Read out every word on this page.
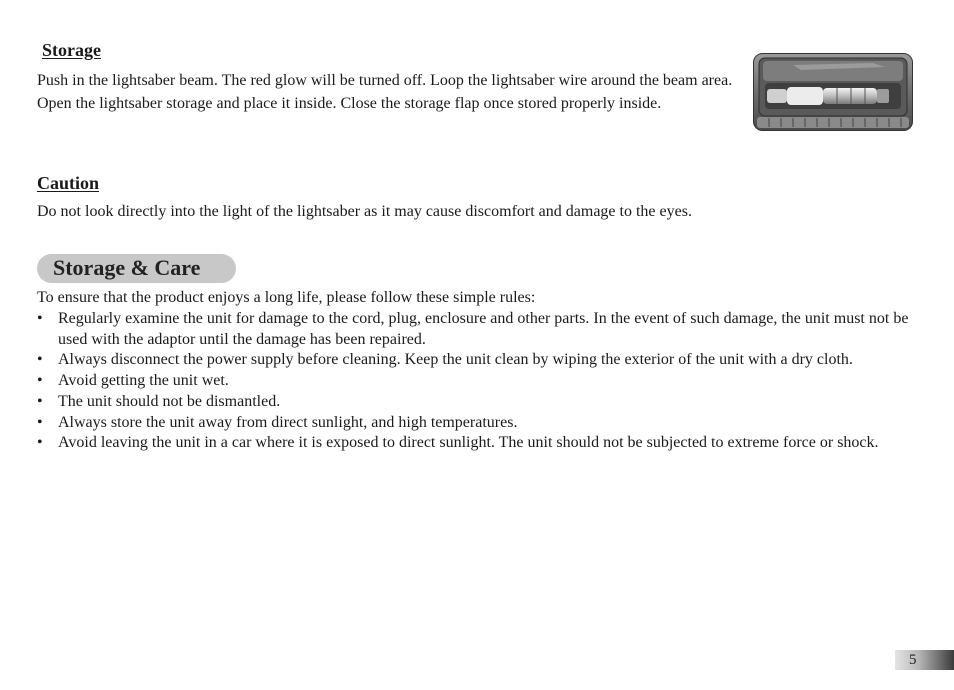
Storage

Push in the lightsaber beam. The red glow will be turned off. Loop the lightsaber wire around the beam area. Open the lightsaber storage and place it inside. Close the storage flap once stored properly inside.

Caution

Do not look directly into the light of the lightsaber as it may cause discomfort and damage to the eyes.

Storage & Care

To ensure that the product enjoys a long life, please follow these simple rules:

• Regularly examine the unit for damage to the cord, plug, enclosure and other parts. In the event of such damage, the unit must not be used with the adaptor until the damage has been repaired.
• Always disconnect the power supply before cleaning. Keep the unit clean by wiping the exterior of the unit with a dry cloth.
• Avoid getting the unit wet.
• The unit should not be dismantled.
• Always store the unit away from direct sunlight, and high temperatures.
• Avoid leaving the unit in a car where it is exposed to direct sunlight. The unit should not be subjected to extreme force or shock.
5
